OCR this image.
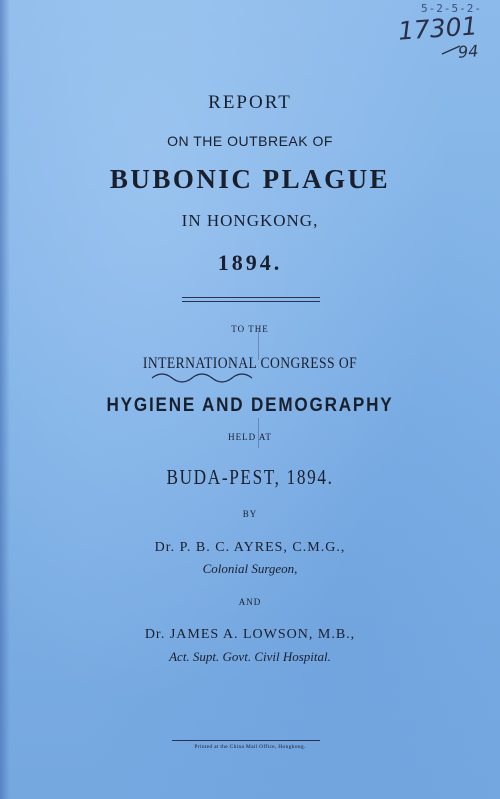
5-2-5-2-
17301
94
REPORT
ON THE OUTBREAK OF
BUBONIC PLAGUE
IN HONGKONG,
1894.
TO THE
INTERNATIONAL CONGRESS OF
HYGIENE AND DEMOGRAPHY
HELD AT
BUDA-PEST, 1894.
BY
Dr. P. B. C. AYRES, C.M.G.,
Colonial Surgeon,
AND
Dr. JAMES A. LOWSON, M.B.,
Act. Supt. Govt. Civil Hospital.
Printed at the China Mail Office, Hongkong.
